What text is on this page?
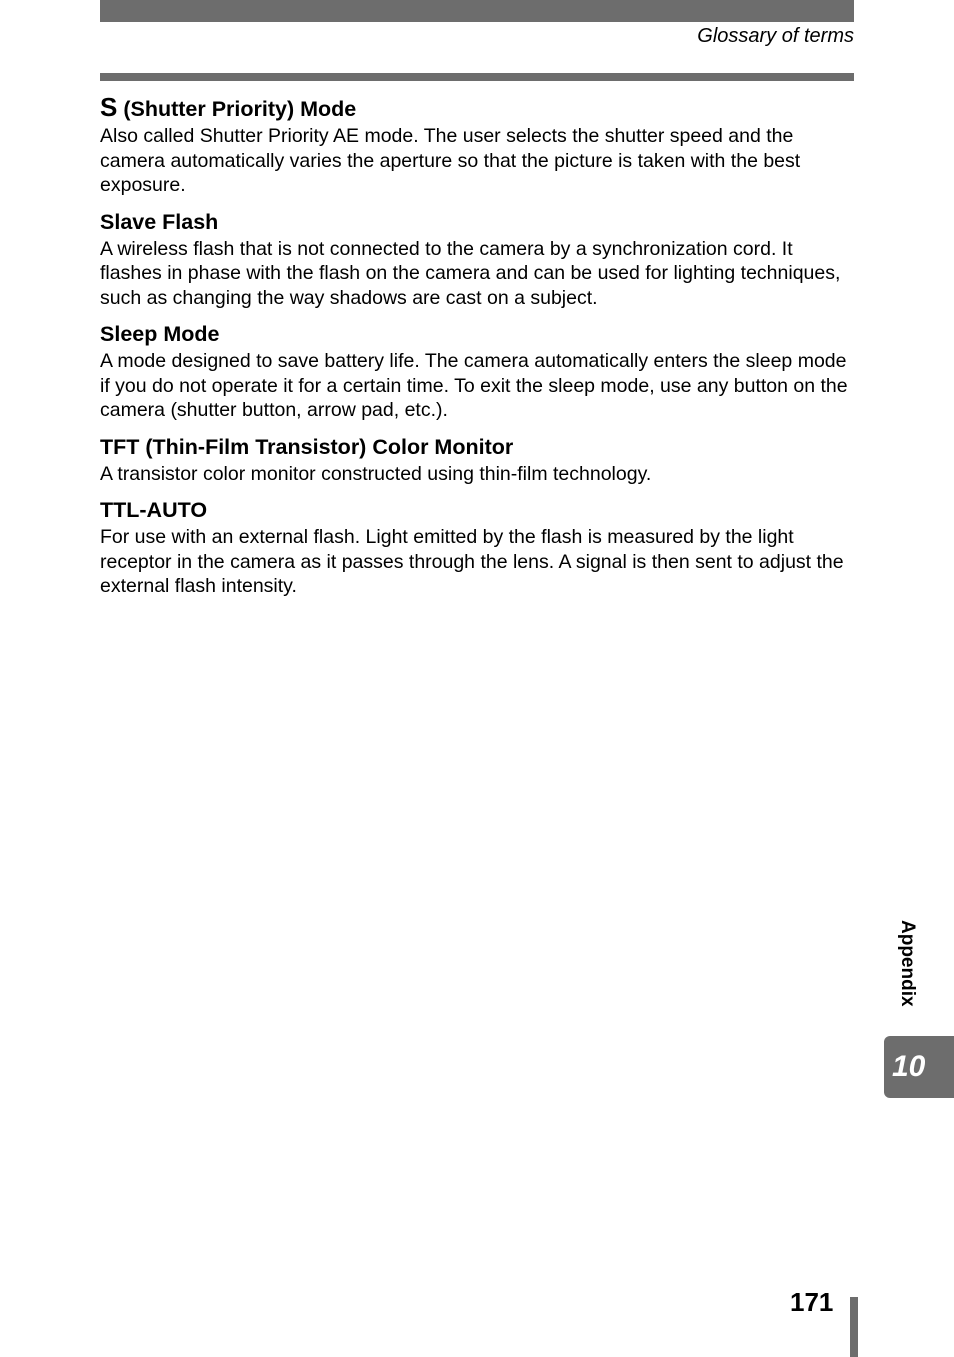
Glossary of terms

S (Shutter Priority) Mode

Also called Shutter Priority AE mode. The user selects the shutter speed and the camera automatically varies the aperture so that the picture is taken with the best exposure.

Slave Flash

A wireless flash that is not connected to the camera by a synchronization cord. It flashes in phase with the flash on the camera and can be used for lighting techniques, such as changing the way shadows are cast on a subject.

Sleep Mode

A mode designed to save battery life. The camera automatically enters the sleep mode if you do not operate it for a certain time. To exit the sleep mode, use any button on the camera (shutter button, arrow pad, etc.).

TFT (Thin-Film Transistor) Color Monitor

A transistor color monitor constructed using thin-film technology.

TTL-AUTO

For use with an external flash. Light emitted by the flash is measured by the light receptor in the camera as it passes through the lens. A signal is then sent to adjust the external flash intensity.

Appendix
10
171
